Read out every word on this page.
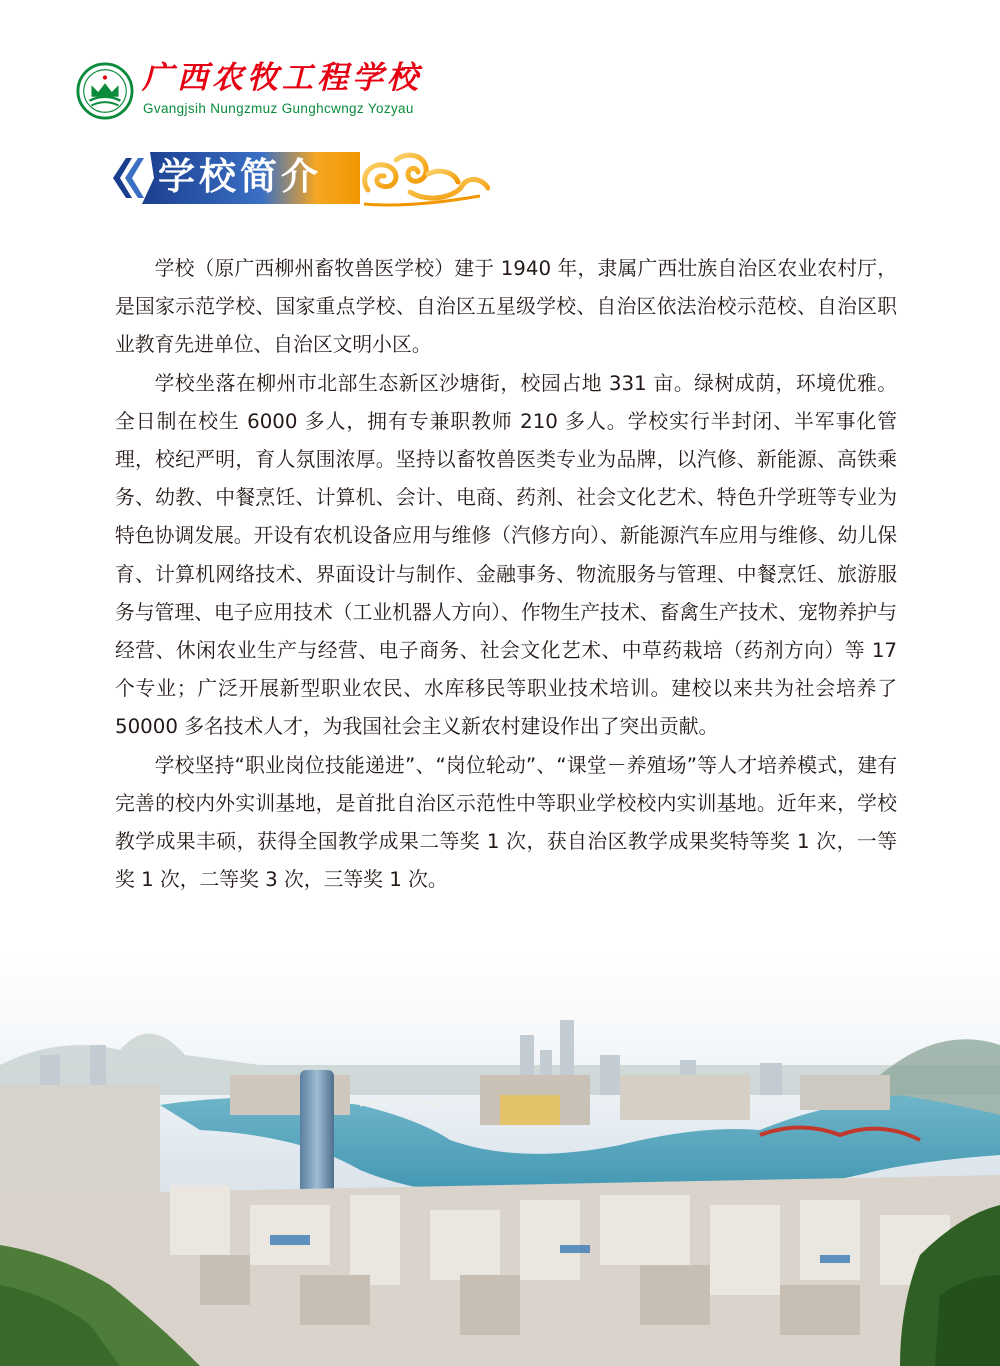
广西农牧工程学校
Gvangjsih Nungzmuz Gunghcwngz Yozyau
学校简介

学校（原广西柳州畜牧兽医学校）建于 1940 年，隶属广西壮族自治区农业农村厅，是国家示范学校、国家重点学校、自治区五星级学校、自治区依法治校示范校、自治区职业教育先进单位、自治区文明小区。

学校坐落在柳州市北部生态新区沙塘街，校园占地 331 亩。绿树成荫，环境优雅。全日制在校生 6000 多人，拥有专兼职教师 210 多人。学校实行半封闭、半军事化管理，校纪严明，育人氛围浓厚。坚持以畜牧兽医类专业为品牌，以汽修、新能源、高铁乘务、幼教、中餐烹饪、计算机、会计、电商、药剂、社会文化艺术、特色升学班等专业为特色协调发展。开设有农机设备应用与维修（汽修方向）、新能源汽车应用与维修、幼儿保育、计算机网络技术、界面设计与制作、金融事务、物流服务与管理、中餐烹饪、旅游服务与管理、电子应用技术（工业机器人方向）、作物生产技术、畜禽生产技术、宠物养护与经营、休闲农业生产与经营、电子商务、社会文化艺术、中草药栽培（药剂方向）等 17 个专业；广泛开展新型职业农民、水库移民等职业技术培训。建校以来共为社会培养了 50000 多名技术人才，为我国社会主义新农村建设作出了突出贡献。

学校坚持“职业岗位技能递进”、“岗位轮动”、“课堂－养殖场”等人才培养模式，建有完善的校内外实训基地，是首批自治区示范性中等职业学校校内实训基地。近年来，学校教学成果丰硕，获得全国教学成果二等奖 1 次，获自治区教学成果奖特等奖 1 次，一等奖 1 次，二等奖 3 次，三等奖 1 次。
